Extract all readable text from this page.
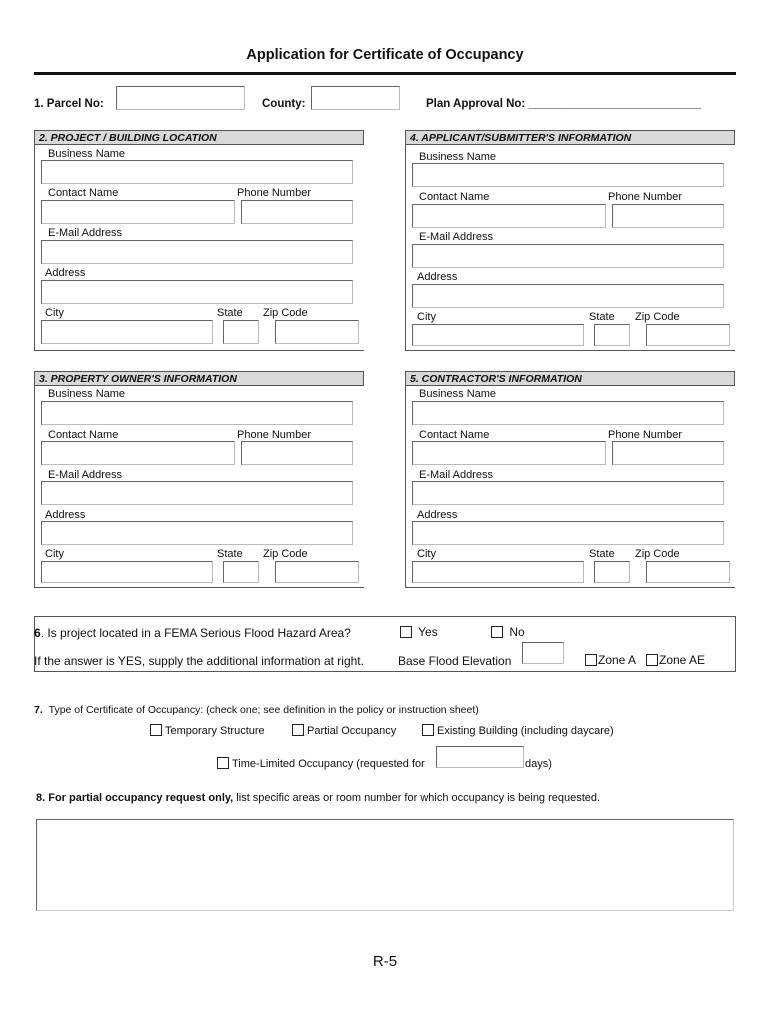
Application for Certificate of Occupancy
1. Parcel No:	County:	Plan Approval No: ___________________________
2. PROJECT / BUILDING LOCATION
Business Name
Contact Name	Phone Number
E-Mail Address
Address
City	State Zip Code
4. APPLICANT/SUBMITTER'S INFORMATION
Business Name
Contact Name	Phone Number
E-Mail Address
Address
City	State Zip Code
3. PROPERTY OWNER'S INFORMATION
Business Name
Contact Name	Phone Number
E-Mail Address
Address
City	State Zip Code
5. CONTRACTOR'S INFORMATION
Business Name
Contact Name	Phone Number
E-Mail Address
Address
City	State Zip Code
6. Is project located in a FEMA Serious Flood Hazard Area?	Yes	No
If the answer is YES, supply the additional information at right.	Base Flood Elevation	Zone A	Zone AE
7. Type of Certificate of Occupancy: (check one; see definition in the policy or instruction sheet)
Temporary Structure	Partial Occupancy	Existing Building (including daycare)
Time-Limited Occupancy (requested for	days)
8. For partial occupancy request only, list specific areas or room number for which occupancy is being requested.
R-5
